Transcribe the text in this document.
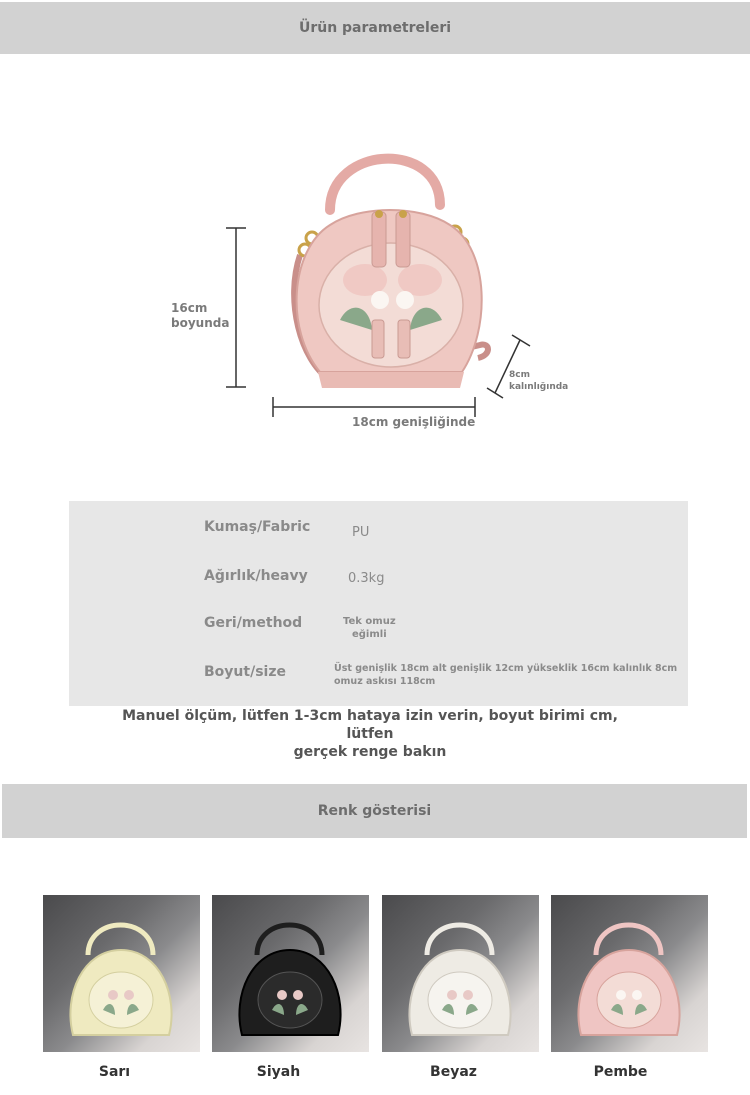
Ürün parametreleri
16cm
boyunda
18cm genişliğinde
8cm
kalınlığında
Kumaş/Fabric	PU
Ağırlık/heavy	0.3kg
Geri/method	Tek omuz
eğimli
Boyut/size	Üst genişlik 18cm alt genişlik 12cm yükseklik 16cm kalınlık 8cm
omuz askısı 118cm
Manuel ölçüm, lütfen 1-3cm hataya izin verin, boyut birimi cm, lütfen
gerçek renge bakın
Renk gösterisi
Sarı	Siyah	Beyaz	Pembe
